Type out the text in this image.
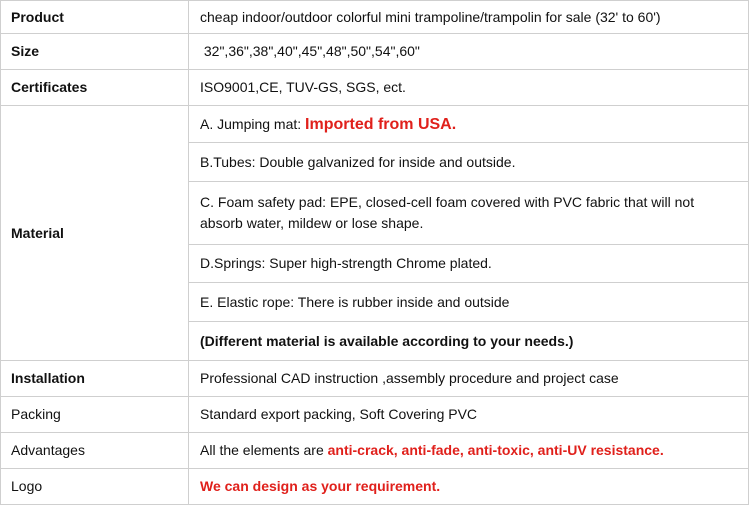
Product	cheap indoor/outdoor colorful mini trampoline/trampolin for sale (32' to 60')
Size	32",36",38",40",45",48",50",54",60"
Certificates	ISO9001,CE, TUV-GS, SGS, ect.
Material	A. Jumping mat: Imported from USA.
	B.Tubes: Double galvanized for inside and outside.
	C. Foam safety pad: EPE, closed-cell foam covered with PVC fabric that will not absorb water, mildew or lose shape.
	D.Springs: Super high-strength Chrome plated.
	E. Elastic rope: There is rubber inside and outside
	(Different material is available according to your needs.)
Installation	Professional CAD instruction ,assembly procedure and project case
Packing	Standard export packing, Soft Covering PVC
Advantages	All the elements are anti-crack, anti-fade, anti-toxic, anti-UV resistance.
Logo	We can design as your requirement.
